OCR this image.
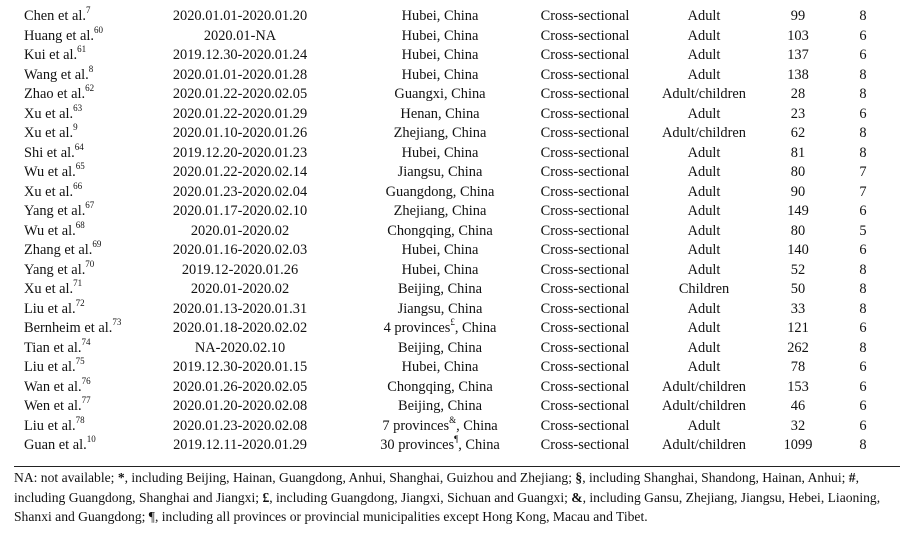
Chen et al.$^7$	2020.01.01-2020.01.20	Hubei, China	Cross-sectional	Adult	99	8
Huang et al.$^{60}$	2020.01-NA	Hubei, China	Cross-sectional	Adult	103	6
Kui et al.$^{61}$	2019.12.30-2020.01.24	Hubei, China	Cross-sectional	Adult	137	6
Wang et al.$^8$	2020.01.01-2020.01.28	Hubei, China	Cross-sectional	Adult	138	8
Zhao et al.$^{62}$	2020.01.22-2020.02.05	Guangxi, China	Cross-sectional	Adult/children	28	8
Xu et al.$^{63}$	2020.01.22-2020.01.29	Henan, China	Cross-sectional	Adult	23	6
Xu et al.$^9$	2020.01.10-2020.01.26	Zhejiang, China	Cross-sectional	Adult/children	62	8
Shi et al.$^{64}$	2019.12.20-2020.01.23	Hubei, China	Cross-sectional	Adult	81	8
Wu et al.$^{65}$	2020.01.22-2020.02.14	Jiangsu, China	Cross-sectional	Adult	80	7
Xu et al.$^{66}$	2020.01.23-2020.02.04	Guangdong, China	Cross-sectional	Adult	90	7
Yang et al.$^{67}$	2020.01.17-2020.02.10	Zhejiang, China	Cross-sectional	Adult	149	6
Wu et al.$^{68}$	2020.01-2020.02	Chongqing, China	Cross-sectional	Adult	80	5
Zhang et al.$^{69}$	2020.01.16-2020.02.03	Hubei, China	Cross-sectional	Adult	140	6
Yang et al.$^{70}$	2019.12-2020.01.26	Hubei, China	Cross-sectional	Adult	52	8
Xu et al.$^{71}$	2020.01-2020.02	Beijing, China	Cross-sectional	Children	50	8
Liu et al.$^{72}$	2020.01.13-2020.01.31	Jiangsu, China	Cross-sectional	Adult	33	8
Bernheim et al.$^{73}$	2020.01.18-2020.02.02	4 provinces£, China	Cross-sectional	Adult	121	6
Tian et al.$^{74}$	NA-2020.02.10	Beijing, China	Cross-sectional	Adult	262	8
Liu et al.$^{75}$	2019.12.30-2020.01.15	Hubei, China	Cross-sectional	Adult	78	6
Wan et al.$^{76}$	2020.01.26-2020.02.05	Chongqing, China	Cross-sectional	Adult/children	153	6
Wen et al.$^{77}$	2020.01.20-2020.02.08	Beijing, China	Cross-sectional	Adult/children	46	6
Liu et al.$^{78}$	2020.01.23-2020.02.08	7 provinces&, China	Cross-sectional	Adult	32	6
Guan et al.$^{10}$	2019.12.11-2020.01.29	30 provinces¶, China	Cross-sectional	Adult/children	1099	8
NA: not available; *, including Beijing, Hainan, Guangdong, Anhui, Shanghai, Guizhou and Zhejiang; §, including Shanghai, Shandong, Hainan, Anhui; #, including Guangdong, Shanghai and Jiangxi; £, including Guangdong, Jiangxi, Sichuan and Guangxi; &, including Gansu, Zhejiang, Jiangsu, Hebei, Liaoning, Shanxi and Guangdong; ¶, including all provinces or provincial municipalities except Hong Kong, Macau and Tibet.
